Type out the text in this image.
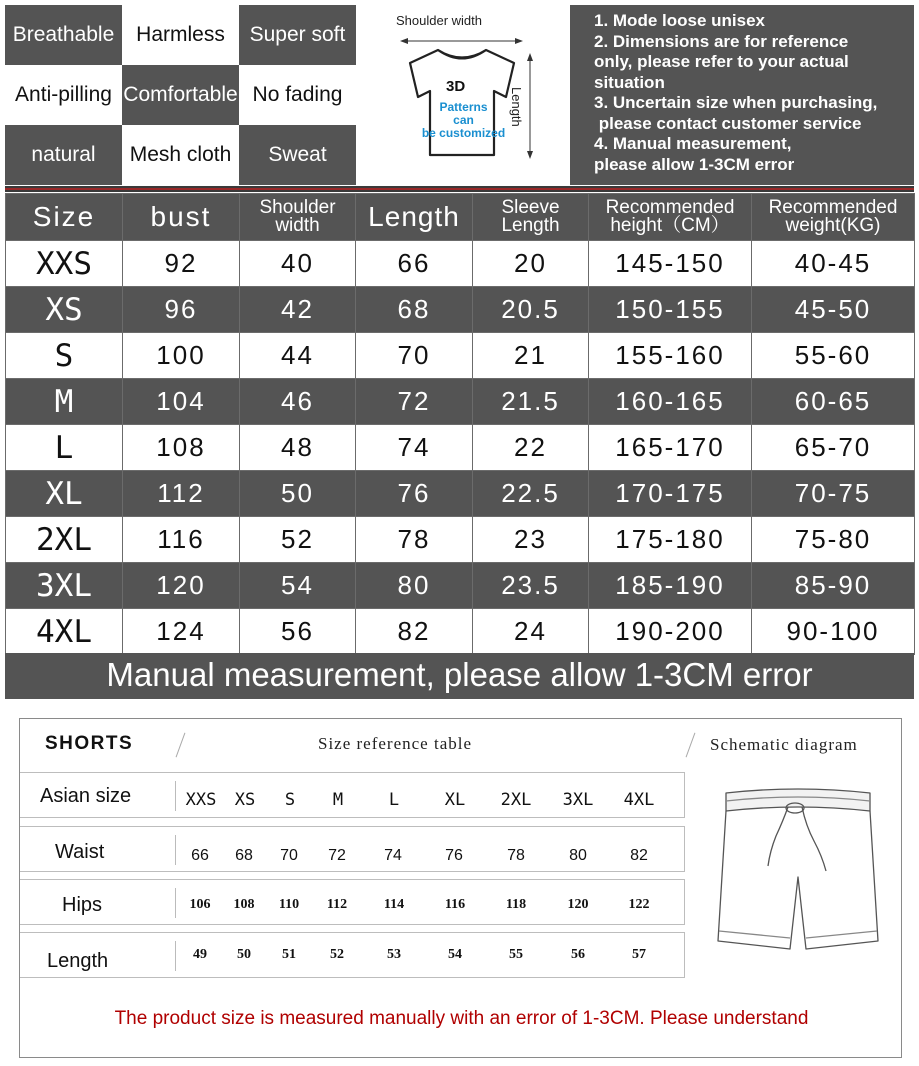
Breathable	Harmless	Super soft
Anti-pilling Comfortable No fading
natural	Mesh cloth	Sweat
Shoulder width
Length
3D
Patterns
can
be customized
1. Mode loose unisex
2. Dimensions are for reference
only, please refer to your actual
situation
3. Uncertain size when purchasing,
please contact customer service
4. Manual measurement,
please allow 1-3CM error
Size	bust	Shoulder width	Length	Sleeve Length	Recommended height（CM）	Recommended weight(KG)
XXS	92	40	66	20	145-150	40-45
XS	96	42	68	20.5	150-155	45-50
S	100	44	70	21	155-160	55-60
M	104	46	72	21.5	160-165	60-65
L	108	48	74	22	165-170	65-70
XL	112	50	76	22.5	170-175	70-75
2XL	116	52	78	23	175-180	75-80
3XL	120	54	80	23.5	185-190	85-90
4XL	124	56	82	24	190-200	90-100
Manual measurement, please allow 1-3CM error
SHORTS	Size reference table	Schematic diagram
Asian size	XXS	XS	S	M	L	XL	2XL	3XL	4XL
Waist	66	68	70	72	74	76	78	80	82
Hips	106	108	110	112	114	116	118	120	122
Length	49	50	51	52	53	54	55	56	57
The product size is measured manually with an error of 1-3CM. Please understand
